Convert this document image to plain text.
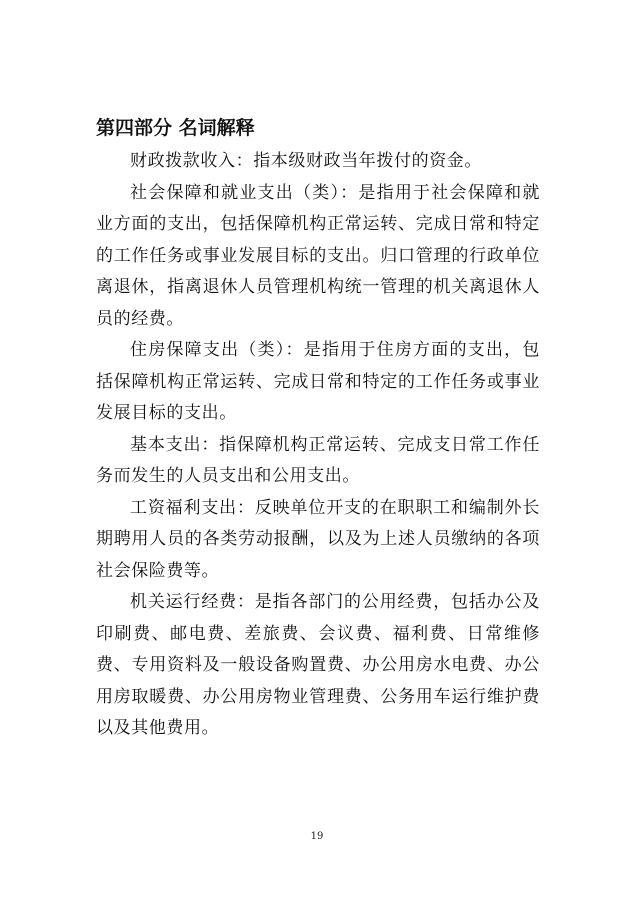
第四部分 名词解释

财政拨款收入：指本级财政当年拨付的资金。

社会保障和就业支出（类）：是指用于社会保障和就业方面的支出，包括保障机构正常运转、完成日常和特定的工作任务或事业发展目标的支出。归口管理的行政单位离退休，指离退休人员管理机构统一管理的机关离退休人员的经费。

住房保障支出（类）：是指用于住房方面的支出，包括保障机构正常运转、完成日常和特定的工作任务或事业发展目标的支出。

基本支出：指保障机构正常运转、完成支日常工作任务而发生的人员支出和公用支出。

工资福利支出：反映单位开支的在职职工和编制外长期聘用人员的各类劳动报酬，以及为上述人员缴纳的各项社会保险费等。

机关运行经费：是指各部门的公用经费，包括办公及印刷费、邮电费、差旅费、会议费、福利费、日常维修费、专用资料及一般设备购置费、办公用房水电费、办公用房取暖费、办公用房物业管理费、公务用车运行维护费以及其他费用。

19
